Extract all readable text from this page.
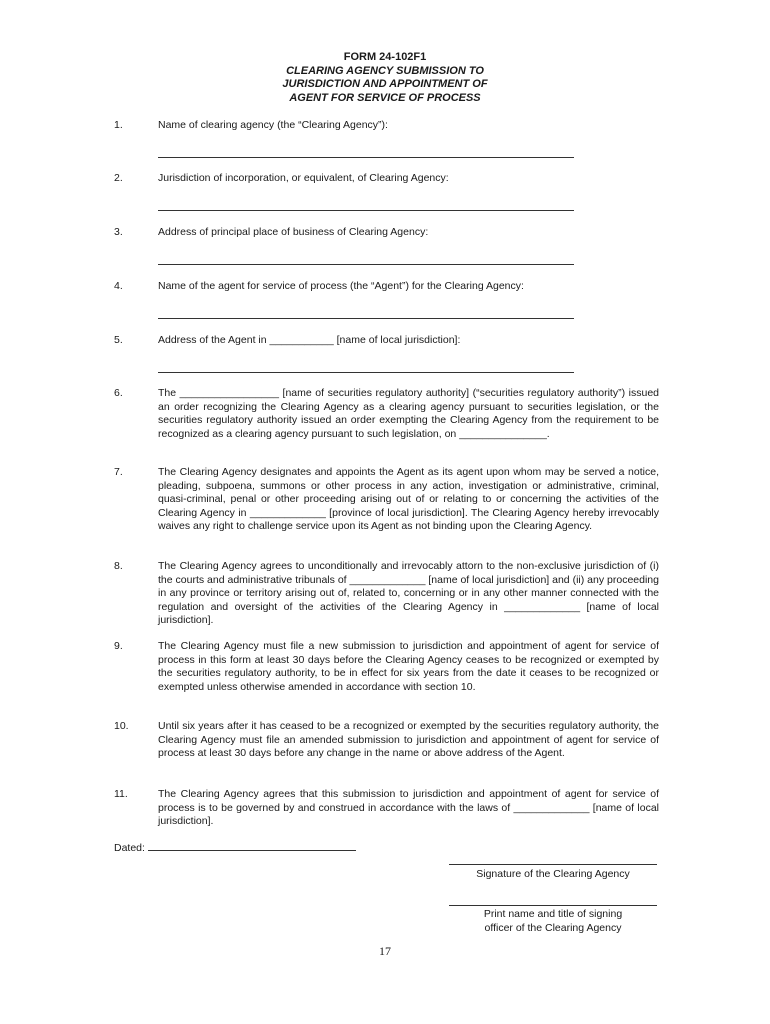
FORM 24-102F1
CLEARING AGENCY SUBMISSION TO
JURISDICTION AND APPOINTMENT OF
AGENT FOR SERVICE OF PROCESS
1.	Name of clearing agency (the “Clearing Agency”):
2.	Jurisdiction of incorporation, or equivalent, of Clearing Agency:
3.	Address of principal place of business of Clearing Agency:
4.	Name of the agent for service of process (the “Agent”) for the Clearing Agency:
5.	Address of the Agent in ___________ [name of local jurisdiction]:
6.	The _________________ [name of securities regulatory authority] (“securities regulatory authority”) issued an order recognizing the Clearing Agency as a clearing agency pursuant to securities legislation, or the securities regulatory authority issued an order exempting the Clearing Agency from the requirement to be recognized as a clearing agency pursuant to such legislation, on _______________.
7.	The Clearing Agency designates and appoints the Agent as its agent upon whom may be served a notice, pleading, subpoena, summons or other process in any action, investigation or administrative, criminal, quasi-criminal, penal or other proceeding arising out of or relating to or concerning the activities of the Clearing Agency in _____________ [province of local jurisdiction]. The Clearing Agency hereby irrevocably waives any right to challenge service upon its Agent as not binding upon the Clearing Agency.
8.	The Clearing Agency agrees to unconditionally and irrevocably attorn to the non-exclusive jurisdiction of (i) the courts and administrative tribunals of _____________ [name of local jurisdiction] and (ii) any proceeding in any province or territory arising out of, related to, concerning or in any other manner connected with the regulation and oversight of the activities of the Clearing Agency in _____________ [name of local jurisdiction].
9.	The Clearing Agency must file a new submission to jurisdiction and appointment of agent for service of process in this form at least 30 days before the Clearing Agency ceases to be recognized or exempted by the securities regulatory authority, to be in effect for six years from the date it ceases to be recognized or exempted unless otherwise amended in accordance with section 10.
10.	Until six years after it has ceased to be a recognized or exempted by the securities regulatory authority, the Clearing Agency must file an amended submission to jurisdiction and appointment of agent for service of process at least 30 days before any change in the name or above address of the Agent.
11.	The Clearing Agency agrees that this submission to jurisdiction and appointment of agent for service of process is to be governed by and construed in accordance with the laws of _____________ [name of local jurisdiction].
Dated:
Signature of the Clearing Agency
Print name and title of signing
officer of the Clearing Agency
17
